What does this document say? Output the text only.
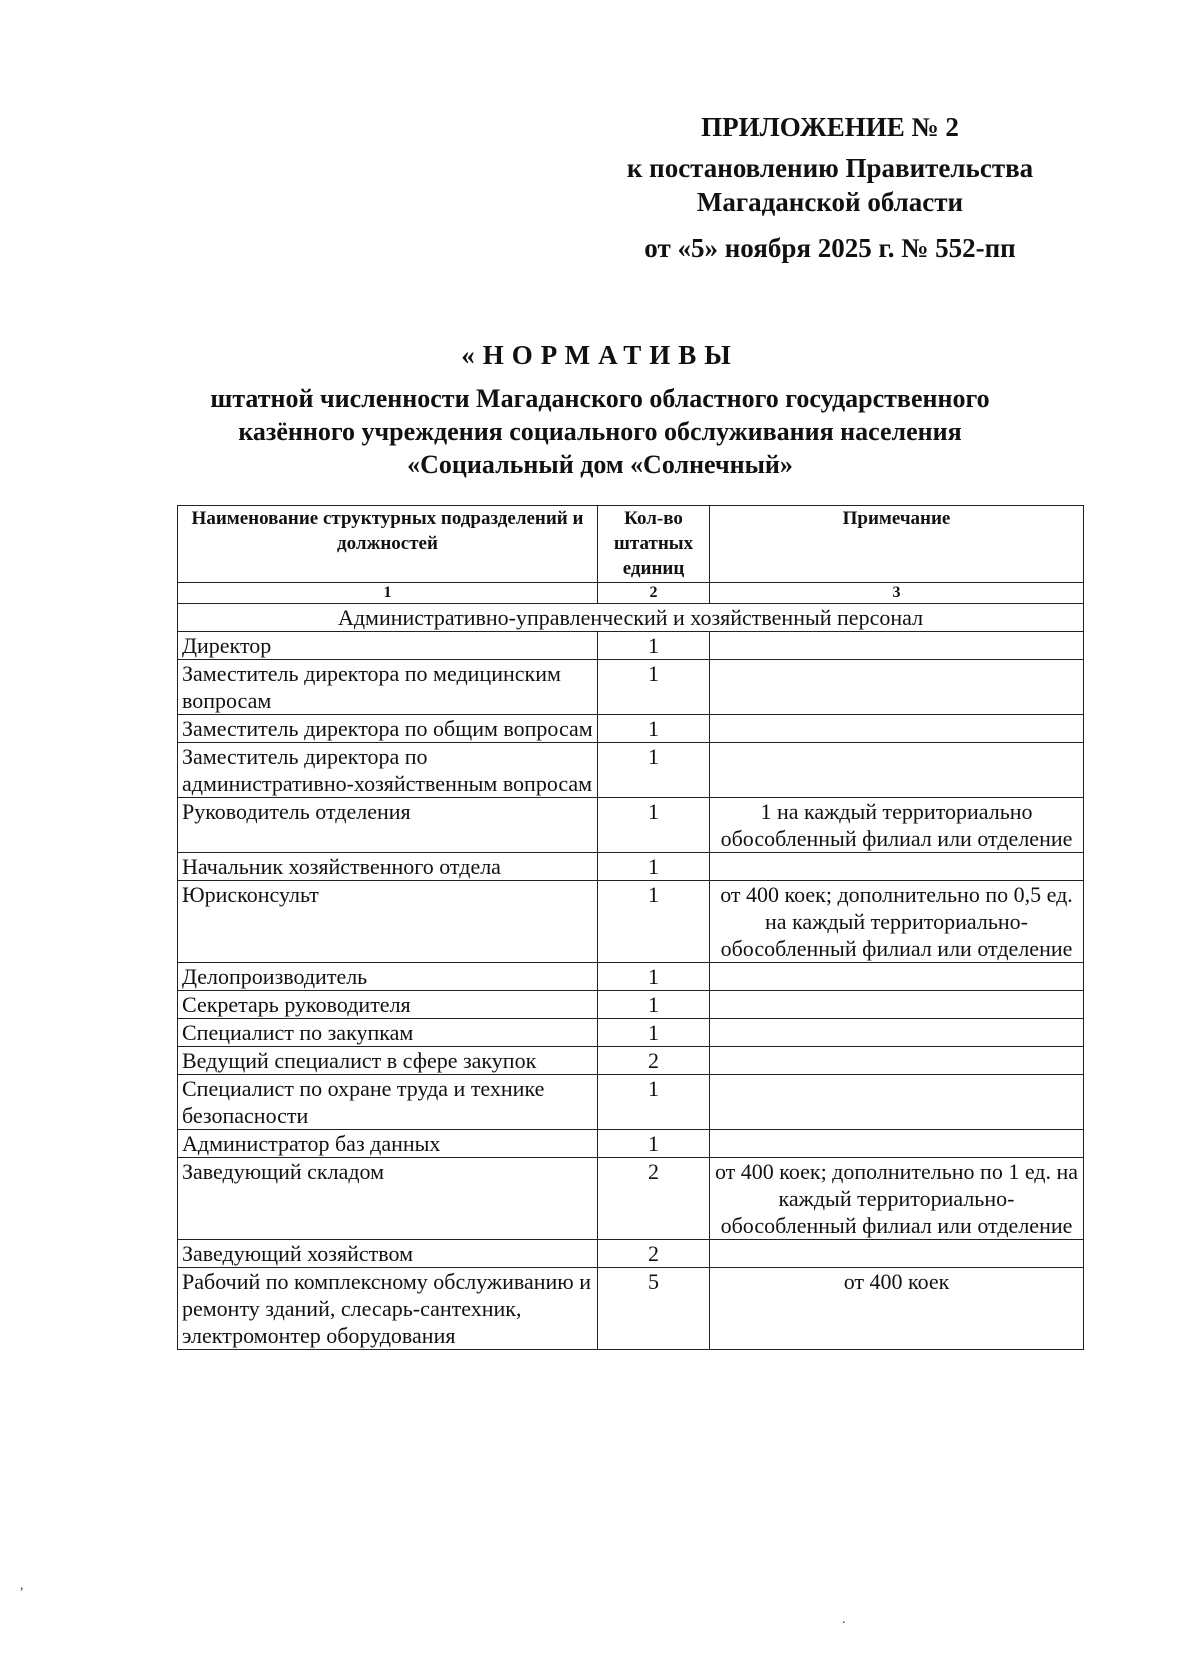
ПРИЛОЖЕНИЕ № 2
к постановлению Правительства
Магаданской области
от «5» ноября 2025 г. № 552-пп
«НОРМАТИВЫ
штатной численности Магаданского областного государственного
казённого учреждения социального обслуживания населения
«Социальный дом «Солнечный»
Наименование структурных подразделений и должностей	Кол-во штатных единиц	Примечание
1	2	3
Административно-управленческий и хозяйственный персонал		
Директор	1	
Заместитель директора по медицинским вопросам	1	
Заместитель директора по общим вопросам	1	
Заместитель директора по административно-хозяйственным вопросам	1	
Руководитель отделения	1	1 на каждый территориально обособленный филиал или отделение
Начальник хозяйственного отдела	1	
Юрисконсульт	1	от 400 коек; дополнительно по 0,5 ед. на каждый территориально-обособленный филиал или отделение
Делопроизводитель	1	
Секретарь руководителя	1	
Специалист по закупкам	1	
Ведущий специалист в сфере закупок	2	
Специалист по охране труда и технике безопасности	1	
Администратор баз данных	1	
Заведующий складом	2	от 400 коек; дополнительно по 1 ед. на каждый территориально-обособленный филиал или отделение
Заведующий хозяйством	2	
Рабочий по комплексному обслуживанию и ремонту зданий, слесарь-сантехник, электромонтер оборудования	5	от 400 коек
,
.
